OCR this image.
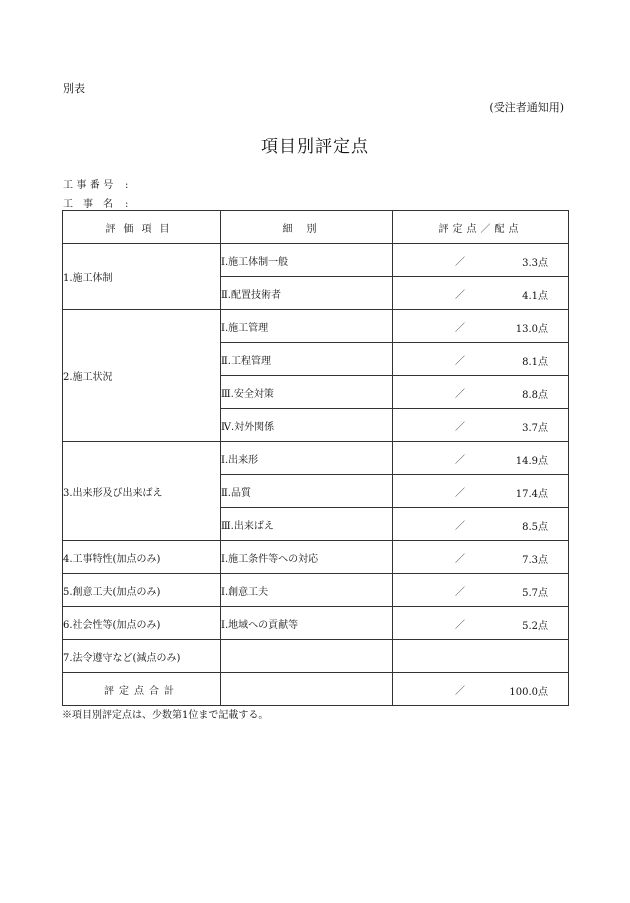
別表
(受注者通知用)
項目別評定点
工事番号 :
工事名 :
評価項目	細別	評定点／配点
1.施工体制	Ⅰ.施工体制一般	／ 3.3点

	Ⅱ.配置技術者	／ 4.1点

2.施工状況	Ⅰ.施工管理	／ 13.0点

	Ⅱ.工程管理	／ 8.1点

	Ⅲ.安全対策	／ 8.8点

	Ⅳ.対外関係	／ 3.7点

3.出来形及び出来ばえ	Ⅰ.出来形	／ 14.9点

	Ⅱ.品質	／ 17.4点

	Ⅲ.出来ばえ	／ 8.5点

4.工事特性(加点のみ)	Ⅰ.施工条件等への対応	／ 7.3点

5.創意工夫(加点のみ)	Ⅰ.創意工夫	／ 5.7点

6.社会性等(加点のみ)	Ⅰ.地域への貢献等	／ 5.2点

7.法令遵守など(減点のみ)		

評定点合計		／ 100.0点
※項目別評定点は、少数第1位まで記載する。
